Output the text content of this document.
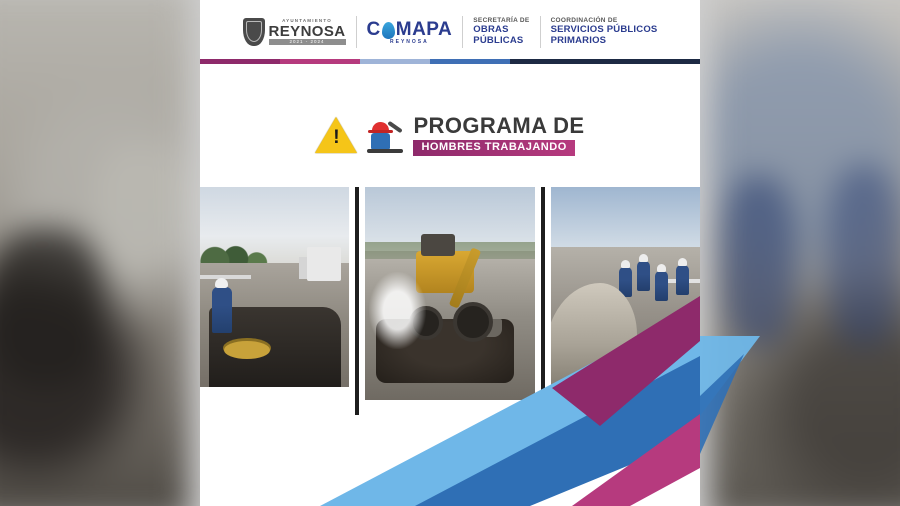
AYUNTAMIENTO
REYNOSA
2021 - 2024
C MAPA
REYNOSA
SECRETARÍA DE
OBRAS
PÚBLICAS
COORDINACIÓN DE
SERVICIOS PÚBLICOS
PRIMARIOS
!
PROGRAMA DE
HOMBRES TRABAJANDO
